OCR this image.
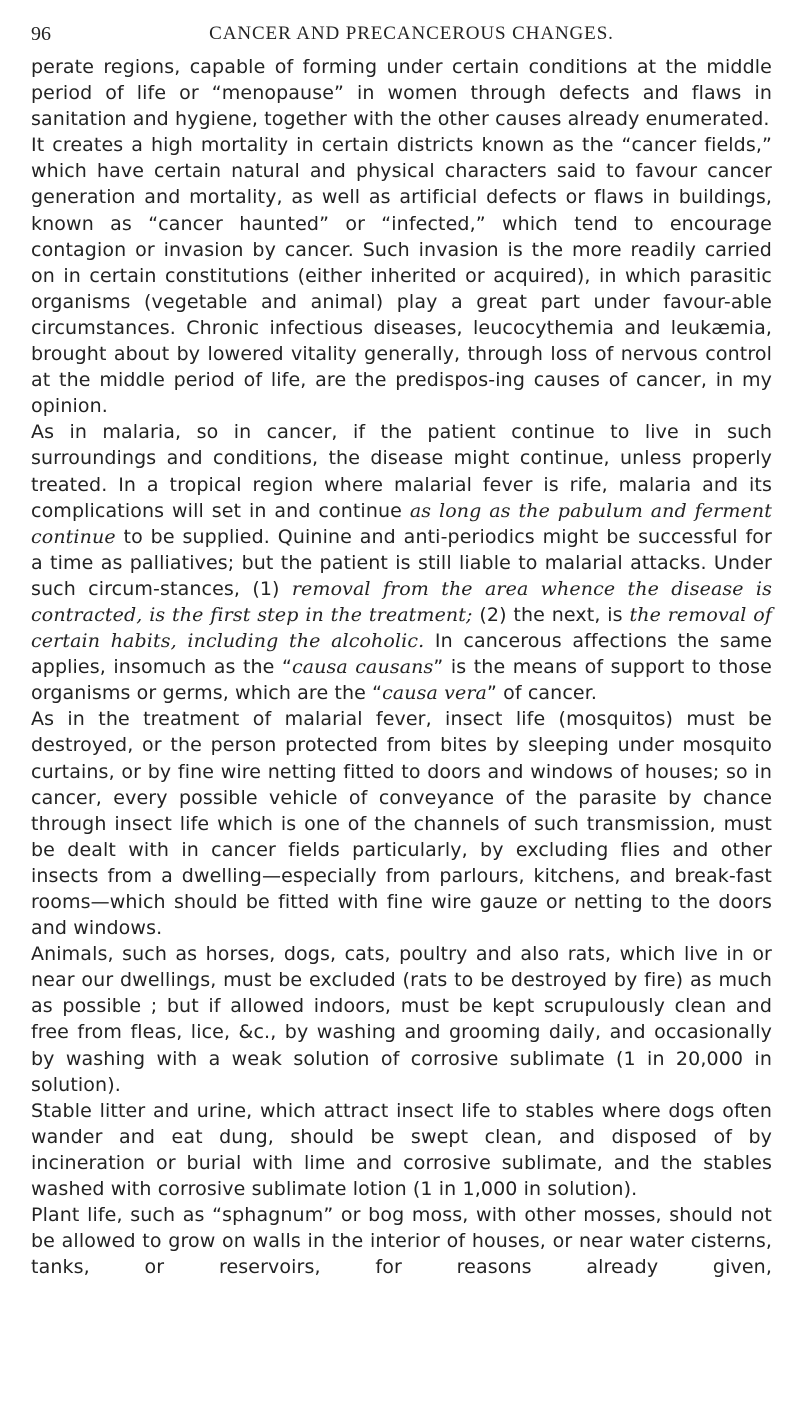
96	CANCER AND PRECANCEROUS CHANGES.

perate regions, capable of forming under certain conditions at the middle period of life or “menopause” in women through defects and flaws in sanitation and hygiene, together with the other causes already enumerated.

It creates a high mortality in certain districts known as the “cancer fields,” which have certain natural and physical characters said to favour cancer generation and mortality, as well as artificial defects or flaws in buildings, known as “cancer haunted” or “infected,” which tend to encourage contagion or invasion by cancer. Such invasion is the more readily carried on in certain constitutions (either inherited or acquired), in which parasitic organisms (vegetable and animal) play a great part under favour-able circumstances. Chronic infectious diseases, leucocythemia and leukæmia, brought about by lowered vitality generally, through loss of nervous control at the middle period of life, are the predispos-ing causes of cancer, in my opinion.

As in malaria, so in cancer, if the patient continue to live in such surroundings and conditions, the disease might continue, unless properly treated. In a tropical region where malarial fever is rife, malaria and its complications will set in and continue as long as the pabulum and ferment continue to be supplied. Quinine and anti-periodics might be successful for a time as palliatives; but the patient is still liable to malarial attacks. Under such circum-stances, (1) removal from the area whence the disease is contracted, is the first step in the treatment; (2) the next, is the removal of certain habits, including the alcoholic. In cancerous affections the same applies, insomuch as the “causa causans” is the means of support to those organisms or germs, which are the “causa vera” of cancer.

As in the treatment of malarial fever, insect life (mosquitos) must be destroyed, or the person protected from bites by sleeping under mosquito curtains, or by fine wire netting fitted to doors and windows of houses; so in cancer, every possible vehicle of conveyance of the parasite by chance through insect life which is one of the channels of such transmission, must be dealt with in cancer fields particularly, by excluding flies and other insects from a dwelling—especially from parlours, kitchens, and break-fast rooms—which should be fitted with fine wire gauze or netting to the doors and windows.

Animals, such as horses, dogs, cats, poultry and also rats, which live in or near our dwellings, must be excluded (rats to be destroyed by fire) as much as possible ; but if allowed indoors, must be kept scrupulously clean and free from fleas, lice, &c., by washing and grooming daily, and occasionally by washing with a weak solution of corrosive sublimate (1 in 20,000 in solution).

Stable litter and urine, which attract insect life to stables where dogs often wander and eat dung, should be swept clean, and disposed of by incineration or burial with lime and corrosive sublimate, and the stables washed with corrosive sublimate lotion (1 in 1,000 in solution).

Plant life, such as “sphagnum” or bog moss, with other mosses, should not be allowed to grow on walls in the interior of houses, or near water cisterns, tanks, or reservoirs, for reasons already given,
